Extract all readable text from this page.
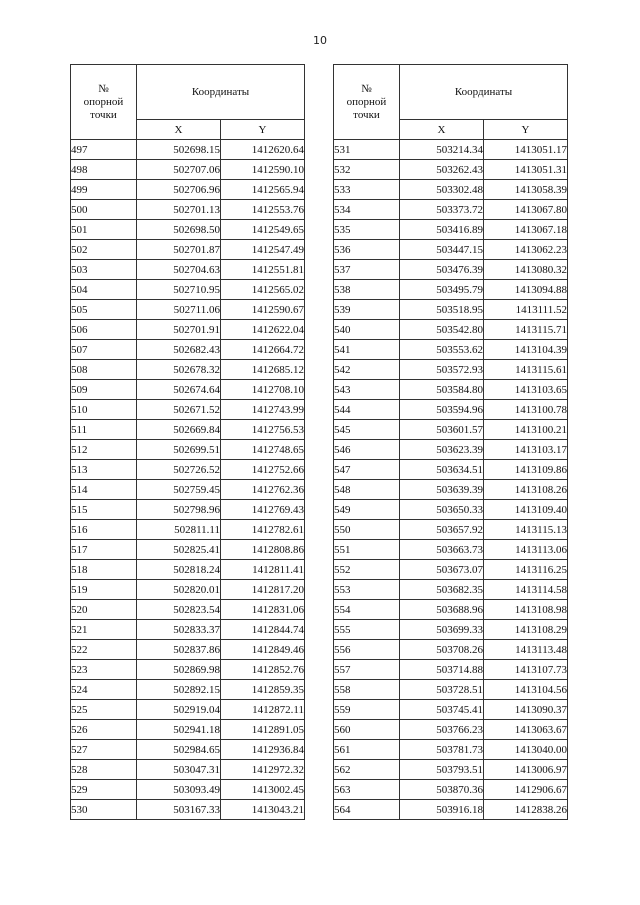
10
№
опорной
точки	Координаты	
	X	Y
497	502698.15	1412620.64
498	502707.06	1412590.10
499	502706.96	1412565.94
500	502701.13	1412553.76
501	502698.50	1412549.65
502	502701.87	1412547.49
503	502704.63	1412551.81
504	502710.95	1412565.02
505	502711.06	1412590.67
506	502701.91	1412622.04
507	502682.43	1412664.72
508	502678.32	1412685.12
509	502674.64	1412708.10
510	502671.52	1412743.99
511	502669.84	1412756.53
512	502699.51	1412748.65
513	502726.52	1412752.66
514	502759.45	1412762.36
515	502798.96	1412769.43
516	502811.11	1412782.61
517	502825.41	1412808.86
518	502818.24	1412811.41
519	502820.01	1412817.20
520	502823.54	1412831.06
521	502833.37	1412844.74
522	502837.86	1412849.46
523	502869.98	1412852.76
524	502892.15	1412859.35
525	502919.04	1412872.11
526	502941.18	1412891.05
527	502984.65	1412936.84
528	503047.31	1412972.32
529	503093.49	1413002.45
530	503167.33	1413043.21
№
опорной
точки	Координаты	
	X	Y
531	503214.34	1413051.17
532	503262.43	1413051.31
533	503302.48	1413058.39
534	503373.72	1413067.80
535	503416.89	1413067.18
536	503447.15	1413062.23
537	503476.39	1413080.32
538	503495.79	1413094.88
539	503518.95	1413111.52
540	503542.80	1413115.71
541	503553.62	1413104.39
542	503572.93	1413115.61
543	503584.80	1413103.65
544	503594.96	1413100.78
545	503601.57	1413100.21
546	503623.39	1413103.17
547	503634.51	1413109.86
548	503639.39	1413108.26
549	503650.33	1413109.40
550	503657.92	1413115.13
551	503663.73	1413113.06
552	503673.07	1413116.25
553	503682.35	1413114.58
554	503688.96	1413108.98
555	503699.33	1413108.29
556	503708.26	1413113.48
557	503714.88	1413107.73
558	503728.51	1413104.56
559	503745.41	1413090.37
560	503766.23	1413063.67
561	503781.73	1413040.00
562	503793.51	1413006.97
563	503870.36	1412906.67
564	503916.18	1412838.26
